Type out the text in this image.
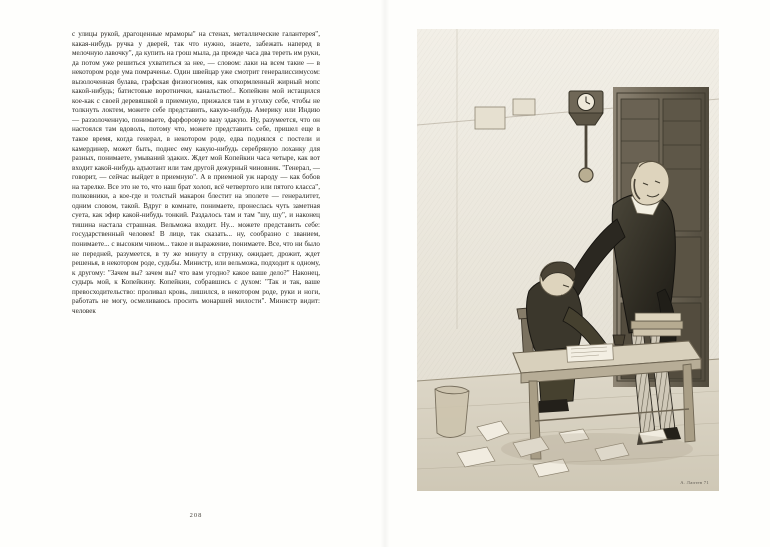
с улицы рукой, драгоценные мраморы" на стенах, металлические галантерея", какая-нибудь ручка у дверей, так что нужно, знаете, забежать наперед в мелочную лавочку", да купить на грош мыла, да прежде часа два тереть им руки, да потом уже решиться ухватиться за нее, — словом: лаки на всем такие — в некотором роде ума помраченье. Один швейцар уже смотрит генералиссимусом: вызолоченная булава, графская физиогномия, как откормленный жирный мопс какой-нибудь; батистовые воротнички, канальство!.. Копейкин мой истащился кое-как с своей деревяшкой в приемную, прижался там в уголку себе, чтобы не толкнуть локтем, можете себе представить, какую-нибудь Америку или Индию — раззолоченную, понимаете, фарфоровую вазу эдакую. Ну, разумеется, что он настоялся там вдоволь, потому что, можете представить себе, пришел еще в такое время, когда генерал, в некотором роде, едва поднялся с постели и камердинер, может быть, поднес ему какую-нибудь серебряную лоханку для разных, понимаете, умываний эдаких. Ждет мой Копейкин часа четыре, как вот входит какой-нибудь адъютант или там другой дежурный чиновник. "Генерал, — говорит, — сейчас выйдет в приемную". А в приемной уж народу — как бобов на тарелке. Все это не то, что наш брат холоп, всё четвертого или пятого класса", полковники, а кое-где и толстый макарон блестит на эполете — генералитет, одним словом, такой. Вдруг в комнате, понимаете, пронеслась чуть заметная суета, как эфир какой-нибудь тонкий. Раздалось там и там "шу, шу", и наконец тишина настала страшная. Вельможа входит. Ну... можете представить себе: государственный человек! В лице, так сказать... ну, сообразно с званием, понимаете... с высоким чином... такое и выражение, понимаете. Все, что ни было не передней, разумеется, в ту же минуту в струнку, ожидает, дрожит, ждет решенья, в некотором роде, судьбы. Министр, или вельможа, подходит к одному, к другому: "Зачем вы? зачем вы? что вам угодно? какое ваше дело?" Наконец, судырь мой, к Копейкину. Копейкин, собравшись с духом: "Так и так, ваше превосходительство: проливал кровь, лишился, в некотором роде, руки и ноги, работать не могу, осмеливаюсь просить монаршей милости". Министр видит: человек

208
А. Лаптев 71
